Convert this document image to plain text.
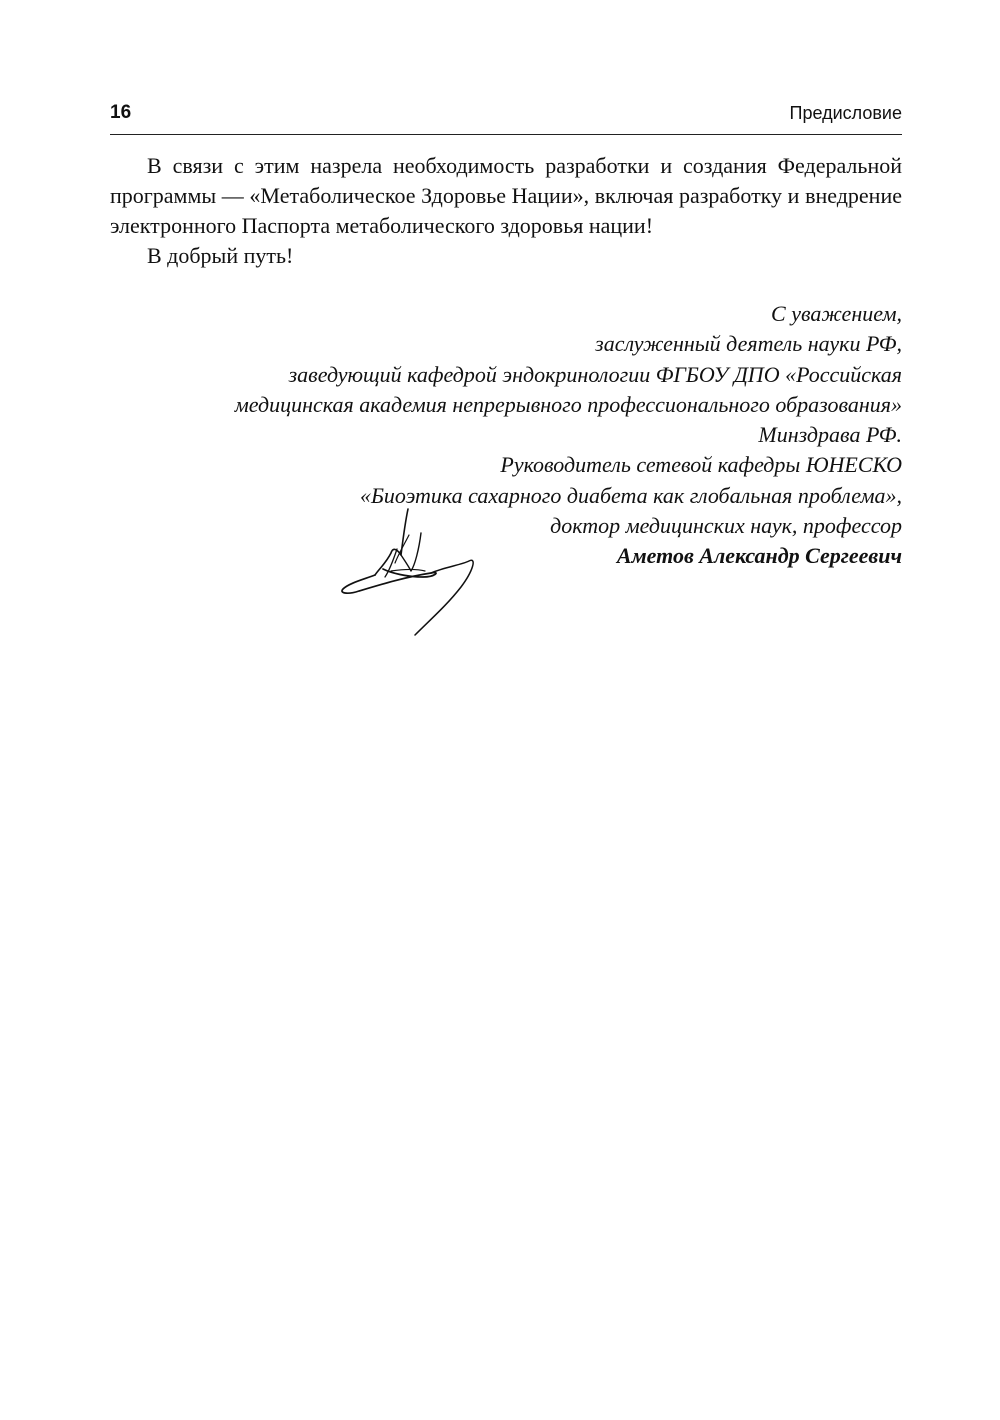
16	Предисловие

В связи с этим назрела необходимость разработки и создания Федеральной программы — «Метаболическое Здоровье Нации», включая разработку и внедрение электронного Паспорта метаболического здоровья нации!

В добрый путь!

С уважением,
заслуженный деятель науки РФ,
заведующий кафедрой эндокринологии ФГБОУ ДПО «Российская
медицинская академия непрерывного профессионального образования»
Минздрава РФ.
Руководитель сетевой кафедры ЮНЕСКО
«Биоэтика сахарного диабета как глобальная проблема»,
доктор медицинских наук, профессор
Аметов Александр Сергеевич
